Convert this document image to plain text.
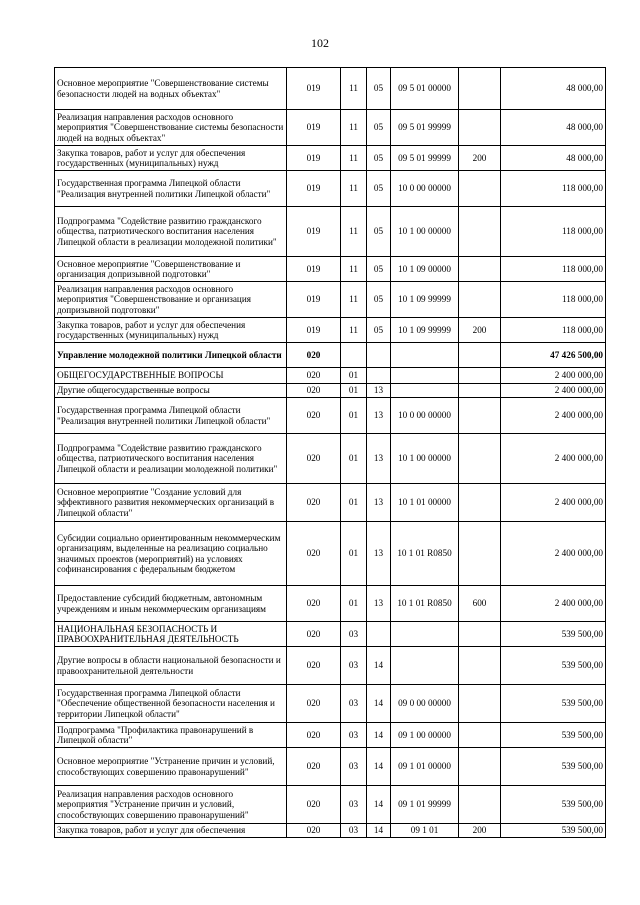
102
Основное мероприятие "Совершенствование системы безопасности людей на водных объектах"	019	11	05	09 5 01 00000		48 000,00
Реализация направления расходов основного мероприятия "Совершенствование системы безопасности людей на водных объектах"	019	11	05	09 5 01 99999		48 000,00
Закупка товаров, работ и услуг для обеспечения государственных (муниципальных) нужд	019	11	05	09 5 01 99999	200	48 000,00
Государственная программа Липецкой области "Реализация внутренней политики Липецкой области"	019	11	05	10 0 00 00000		118 000,00
Подпрограмма "Содействие развитию гражданского общества, патриотического воспитания населения Липецкой области в реализации молодежной политики"	019	11	05	10 1 00 00000		118 000,00
Основное мероприятие "Совершенствование и организация допризывной подготовки"	019	11	05	10 1 09 00000		118 000,00
Реализация направления расходов основного мероприятия "Совершенствование и организация допризывной подготовки"	019	11	05	10 1 09 99999		118 000,00
Закупка товаров, работ и услуг для обеспечения государственных (муниципальных) нужд	019	11	05	10 1 09 99999	200	118 000,00
Управление молодежной политики Липецкой области	020					47 426 500,00
ОБЩЕГОСУДАРСТВЕННЫЕ ВОПРОСЫ	020	01				2 400 000,00
Другие общегосударственные вопросы	020	01	13			2 400 000,00
Государственная программа Липецкой области "Реализация внутренней политики Липецкой области"	020	01	13	10 0 00 00000		2 400 000,00
Подпрограмма "Содействие развитию гражданского общества, патриотического воспитания населения Липецкой области и реализации молодежной политики"	020	01	13	10 1 00 00000		2 400 000,00
Основное мероприятие "Создание условий для эффективного развития некоммерческих организаций в Липецкой области"	020	01	13	10 1 01 00000		2 400 000,00
Субсидии социально ориентированным некоммерческим организациям, выделенные на реализацию социально значимых проектов (мероприятий) на условиях софинансирования с федеральным бюджетом	020	01	13	10 1 01 R0850		2 400 000,00
Предоставление субсидий бюджетным, автономным учреждениям и иным некоммерческим организациям	020	01	13	10 1 01 R0850	600	2 400 000,00
НАЦИОНАЛЬНАЯ БЕЗОПАСНОСТЬ И ПРАВООХРАНИТЕЛЬНАЯ ДЕЯТЕЛЬНОСТЬ	020	03				539 500,00
Другие вопросы в области национальной безопасности и правоохранительной деятельности	020	03	14			539 500,00
Государственная программа Липецкой области "Обеспечение общественной безопасности населения и территории Липецкой области"	020	03	14	09 0 00 00000		539 500,00
Подпрограмма "Профилактика правонарушений в Липецкой области"	020	03	14	09 1 00 00000		539 500,00
Основное мероприятие "Устранение причин и условий, способствующих совершению правонарушений"	020	03	14	09 1 01 00000		539 500,00
Реализация направления расходов основного мероприятия "Устранение причин и условий, способствующих совершению правонарушений"	020	03	14	09 1 01 99999		539 500,00
Закупка товаров, работ и услуг для обеспечения	020	03	14	09 1 01	200	539 500,00
